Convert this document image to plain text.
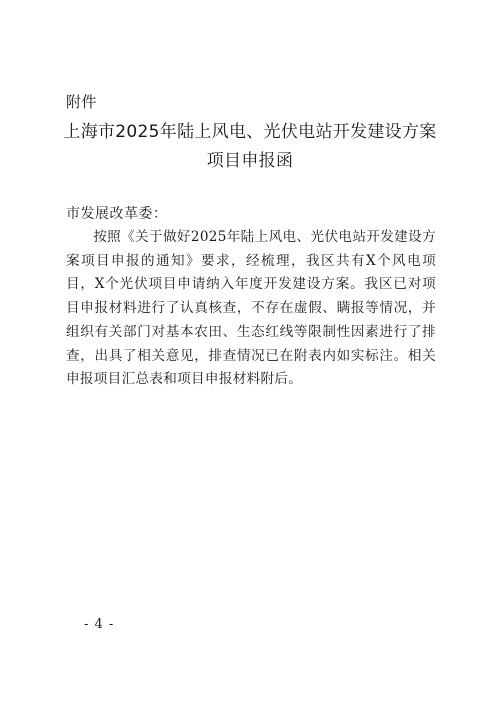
附件
上海市2025年陆上风电、光伏电站开发建设方案
项目申报函
市发展改革委：

按照《关于做好2025年陆上风电、光伏电站开发建设方案项目申报的通知》要求，经梳理，我区共有X个风电项目，X个光伏项目申请纳入年度开发建设方案。我区已对项目申报材料进行了认真核查，不存在虚假、瞒报等情况，并组织有关部门对基本农田、生态红线等限制性因素进行了排查，出具了相关意见，排查情况已在附表内如实标注。相关申报项目汇总表和项目申报材料附后。

- 4 -
